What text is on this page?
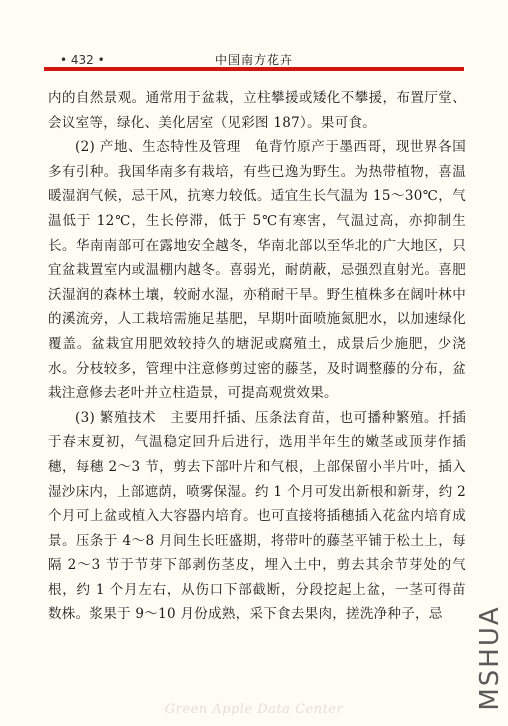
• 432 •	中国南方花卉

内的自然景观。通常用于盆栽，立柱攀援或矮化不攀援，布置厅堂、会议室等，绿化、美化居室（见彩图 187）。果可食。

(2) 产地、生态特性及管理　龟背竹原产于墨西哥，现世界各国多有引种。我国华南多有栽培，有些已逸为野生。为热带植物，喜温暖湿润气候，忌干风，抗寒力较低。适宜生长气温为 15～30℃，气温低于 12℃，生长停滞，低于 5℃有寒害，气温过高，亦抑制生长。华南南部可在露地安全越冬，华南北部以至华北的广大地区，只宜盆栽置室内或温棚内越冬。喜弱光，耐荫蔽，忌强烈直射光。喜肥沃湿润的森林土壤，较耐水湿，亦稍耐干旱。野生植株多在阔叶林中的溪流旁，人工栽培需施足基肥，早期叶面喷施氮肥水，以加速绿化覆盖。盆栽宜用肥效较持久的塘泥或腐殖土，成景后少施肥，少浇水。分枝较多，管理中注意修剪过密的藤茎，及时调整藤的分布，盆栽注意修去老叶并立柱造景，可提高观赏效果。

(3) 繁殖技术　主要用扦插、压条法育苗，也可播种繁殖。扦插于春末夏初，气温稳定回升后进行，选用半年生的嫩茎或顶芽作插穗，每穗 2～3 节，剪去下部叶片和气根，上部保留小半片叶，插入湿沙床内，上部遮荫，喷雾保湿。约 1 个月可发出新根和新芽，约 2 个月可上盆或植入大容器内培育。也可直接将插穗插入花盆内培育成景。压条于 4～8 月间生长旺盛期，将带叶的藤茎平铺于松土上，每隔 2～3 节于节芽下部剥伤茎皮，埋入土中，剪去其余节芽处的气根，约 1 个月左右，从伤口下部截断，分段挖起上盆，一茎可得苗数株。浆果于 9～10 月份成熟，采下食去果肉，搓洗净种子，忌	MSHUA
Green Apple Data Center
